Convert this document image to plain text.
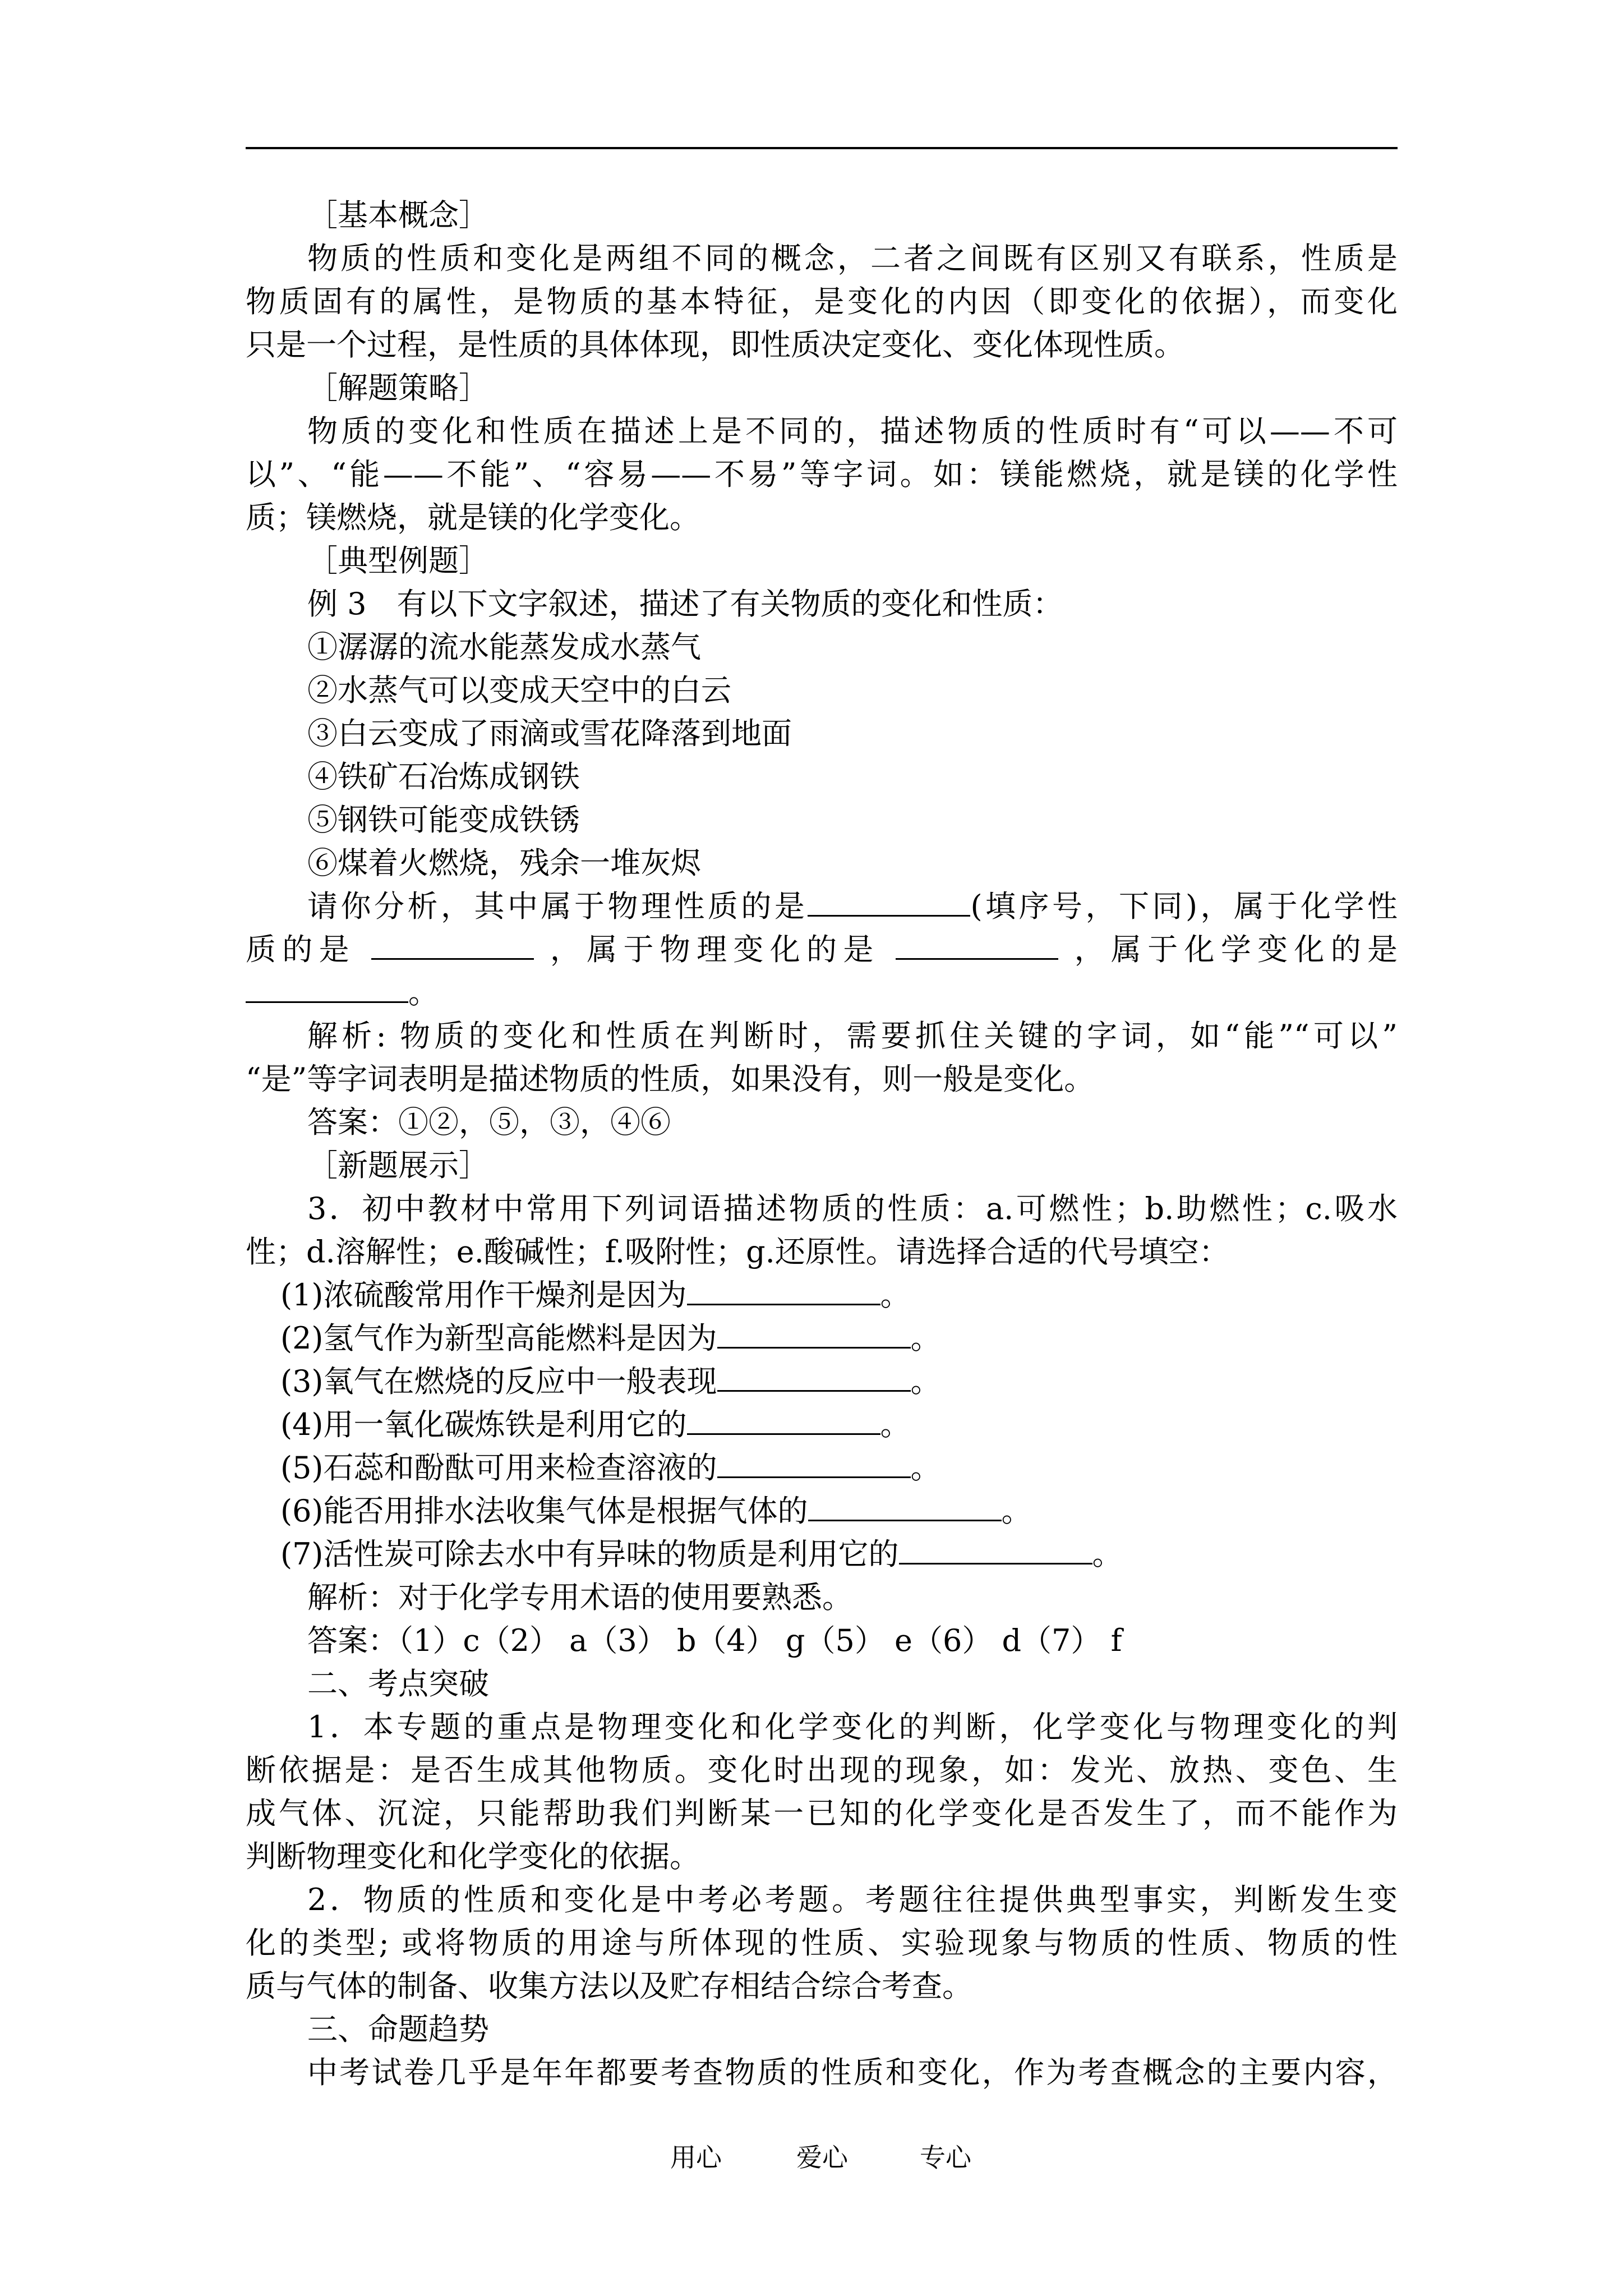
［基本概念］
物质的性质和变化是两组不同的概念，二者之间既有区别又有联系，性质是
物质固有的属性，是物质的基本特征，是变化的内因（即变化的依据），而变化
只是一个过程，是性质的具体体现，即性质决定变化、变化体现性质。
［解题策略］
物质的变化和性质在描述上是不同的，描述物质的性质时有“可以——不可
以”、“能——不能”、“容易——不易”等字词。如：镁能燃烧，就是镁的化学性
质；镁燃烧，就是镁的化学变化。
［典型例题］
例 3　有以下文字叙述，描述了有关物质的变化和性质：
①潺潺的流水能蒸发成水蒸气
②水蒸气可以变成天空中的白云
③白云变成了雨滴或雪花降落到地面
④铁矿石冶炼成钢铁
⑤钢铁可能变成铁锈
⑥煤着火燃烧，残余一堆灰烬
请你分析，其中属于物理性质的是	(填序号，下同)，属于化学性
质的是	，属于物理变化的是	，属于化学变化的是
。
解析: 物质的变化和性质在判断时，需要抓住关键的字词，如“能”“可以”
“是”等字词表明是描述物质的性质，如果没有，则一般是变化。
答案：①②，⑤，③，④⑥
［新题展示］
3．初中教材中常用下列词语描述物质的性质：a.可燃性；b.助燃性；c.吸水
性；d.溶解性；e.酸碱性；f.吸附性；g.还原性。请选择合适的代号填空：
(1)浓硫酸常用作干燥剂是因为	。
(2)氢气作为新型高能燃料是因为	。
(3)氧气在燃烧的反应中一般表现	。
(4)用一氧化碳炼铁是利用它的	。
(5)石蕊和酚酞可用来检查溶液的	。
(6)能否用排水法收集气体是根据气体的	。
(7)活性炭可除去水中有异味的物质是利用它的	。
解析：对于化学专用术语的使用要熟悉。
答案：（1）c（2） a（3） b（4） g（5） e（6） d（7） f
二、考点突破
1．本专题的重点是物理变化和化学变化的判断，化学变化与物理变化的判
断依据是：是否生成其他物质。变化时出现的现象，如：发光、放热、变色、生
成气体、沉淀，只能帮助我们判断某一已知的化学变化是否发生了，而不能作为
判断物理变化和化学变化的依据。
2．物质的性质和变化是中考必考题。考题往往提供典型事实，判断发生变
化的类型; 或将物质的用途与所体现的性质、实验现象与物质的性质、物质的性
质与气体的制备、收集方法以及贮存相结合综合考查。
三、命题趋势
中考试卷几乎是年年都要考查物质的性质和变化，作为考查概念的主要内容，
用心	爱心	专心
